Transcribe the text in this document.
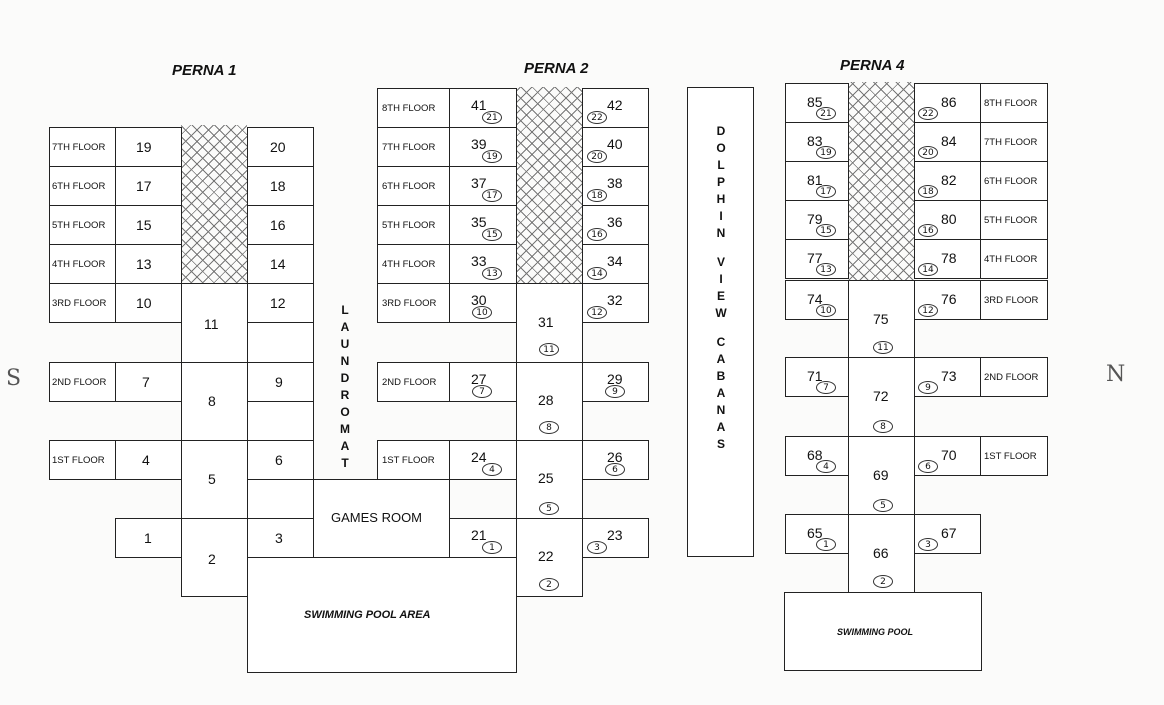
PERNA 1	PERNA 2	PERNA 4
S	N
7TH FLOOR
6TH FLOOR
5TH FLOOR
4TH FLOOR
3RD FLOOR
2ND FLOOR
1ST FLOOR
19
17
15
13
10
7
4
1
11
8
5
2
20
18
16
14
12
9
6
3
L
A
U
N
D
R
O
M
A
T
GAMES ROOM
SWIMMING POOL AREA
8TH FLOOR
7TH FLOOR
6TH FLOOR
5TH FLOOR
4TH FLOOR
3RD FLOOR
2ND FLOOR
1ST FLOOR
41
21
39
19
37
17
35
15
33
13
30
10
27
7
24
4
21
1
31
11
28
8
25
5
22
2
42
22
40
20
38
18
36
16
34
14
32
12
29
9
26
6
23
3
D
O
L
P
H
I
N

V
I
E
W

C
A
B
A
N
A
S
85
21
83
19
81
17
79
15
77
13
74
10
71
7
68
4
65
1
75
11
72
8
69
5
66
2
86
22
84
20
82
18
80
16
78
14
76
12
73
9
70
6
67
3
8TH FLOOR
7TH FLOOR
6TH FLOOR
5TH FLOOR
4TH FLOOR
3RD FLOOR
2ND FLOOR
1ST FLOOR
SWIMMING POOL
